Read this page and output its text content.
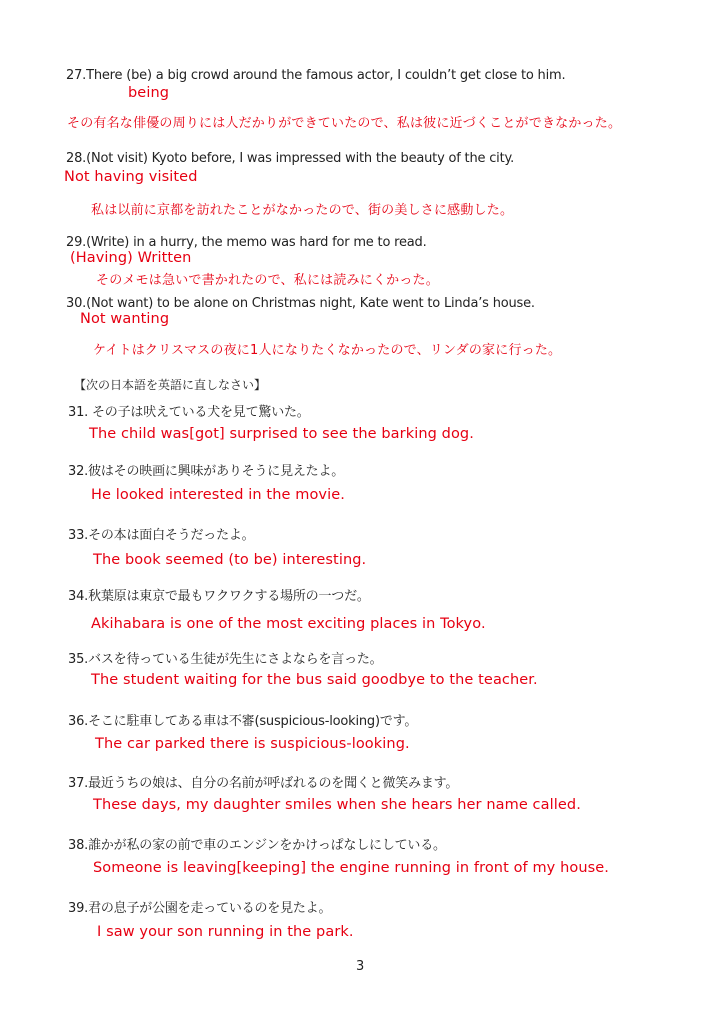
27.There (be) a big crowd around the famous actor, I couldn’t get close to him.
being
その有名な俳優の周りには人だかりができていたので、私は彼に近づくことができなかった。
28.(Not visit) Kyoto before, I was impressed with the beauty of the city.
Not having visited
私は以前に京都を訪れたことがなかったので、街の美しさに感動した。
29.(Write) in a hurry, the memo was hard for me to read.
(Having) Written
そのメモは急いで書かれたので、私には読みにくかった。
30.(Not want) to be alone on Christmas night, Kate went to Linda’s house.
Not wanting
ケイトはクリスマスの夜に1人になりたくなかったので、リンダの家に行った。
【次の日本語を英語に直しなさい】
31. その子は吠えている犬を見て驚いた。
The child was[got] surprised to see the barking dog.
32.彼はその映画に興味がありそうに見えたよ。
He looked interested in the movie.
33.その本は面白そうだったよ。
The book seemed (to be) interesting.
34.秋葉原は東京で最もワクワクする場所の一つだ。
Akihabara is one of the most exciting places in Tokyo.
35.バスを待っている生徒が先生にさよならを言った。
The student waiting for the bus said goodbye to the teacher.
36.そこに駐車してある車は不審(suspicious-looking)です。
The car parked there is suspicious-looking.
37.最近うちの娘は、自分の名前が呼ばれるのを聞くと微笑みます。
These days, my daughter smiles when she hears her name called.
38.誰かが私の家の前で車のエンジンをかけっぱなしにしている。
Someone is leaving[keeping] the engine running in front of my house.
39.君の息子が公園を走っているのを見たよ。
I saw your son running in the park.
3
